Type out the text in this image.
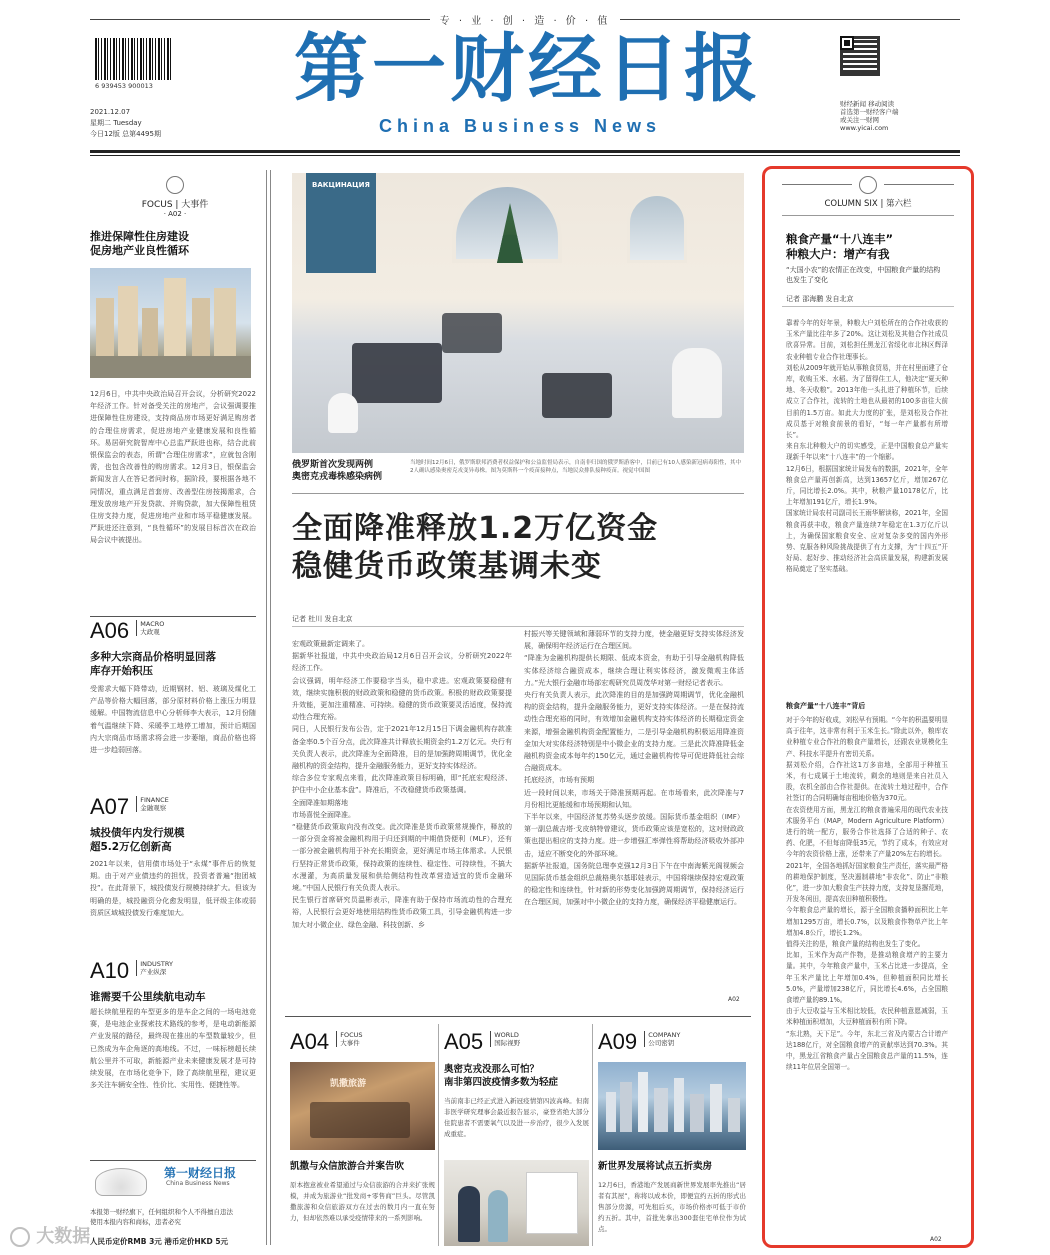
专 · 业 · 创 · 造 · 价 · 值
6 939453 900013	第一财经日报
China Business News
2021.12.07
星期二 Tuesday
今日12版 总第4495期
财经新闻 移动阅读
首选第一财经客户端
或关注一财网
www.yicai.com
FOCUS | 大事件
· A02 ·
推进保障性住房建设
促房地产业良性循环
12月6日，中共中央政治局召开会议，分析研究2022年经济工作。针对备受关注的房地产，会议强调要推进保障性住房建设，支持商品房市场更好满足购房者的合理住房需求，促进房地产业健康发展和良性循环。易居研究院智库中心总监严跃进也称，结合此前银保监会的表态，所谓“合理住房需求”，应就包含刚需，也包含改善性的购房需求。12月3日，银保监会新闻发言人在答记者问时称，据阶段，要根据各地不同情况，重点满足首套房、改善型住房按揭需求，合理发放房地产开发贷款、并购贷款，加大保障性租赁住房支持力度，促进房地产业和市场平稳健康发展。严跃进还注意到，“良性循环”的发展目标首次在政治局会议中被提出。
A06 MACRO
大政观
多种大宗商品价格明显回落
库存开始积压
受需求大幅下降带动，近期钢材、铝、玻璃及煤化工产品等价格大幅回落，部分原材料价格上涨压力明显缓解。中国物流信息中心分析师李大表示，12月份随着气温继续下降、采暖季工地停工增加，预计后期国内大宗商品市场需求将会进一步萎缩，商品价格也将进一步趋弱回落。
A07 FINANCE
金融观察
城投债年内发行规模
超5.2万亿创新高
2021年以来，信用债市场处于“永煤”事件后的恢复期。由于对产业债违约的担忧，投资者普遍“抱团城投”。在此背景下，城投债发行规模持续扩大。但该为明确的是，城投融资分化愈发明显，低评级主体或弱资质区域城投债发行难度加大。
A10 INDUSTRY
产业纵深
谁需要千公里续航电动车
超长续航里程的车型更多的是车企之间的一场电池竞赛，是电池企业探索技术路线的参考，是电动新能源产业发展的路径，最终现在推出的车型数量较少，但已然成为车企角逐的高地线。不过，一味标榜超长续航公里并不可取，新能源产业未来健康发展才是可持续发展，在市场化竞争下，除了高续航里程，建议更多关注车辆安全性、性价比、实用性、便捷性等。
第一财经日报
China Business News
本报第一财经旗下，任何组织和个人不得擅自违法
使用本报内容和商标，违者必究
人民币定价RMB 3元 港币定价HKD 5元
ВАКЦИНАЦИЯ
俄罗斯首次发现两例
奥密克戎毒株感染病例
当地时间12月6日，俄罗斯联邦消费者权益保护和公益监督局表示，自南非归国的俄罗斯游客中，目前已有10人感染新冠病毒阳性，其中2人确认感染奥密克戎变异毒株。图为莫斯科一个疫苗接种点，当地民众排队接种疫苗。视觉中国图
全面降准释放1.2万亿资金
稳健货币政策基调未变
记者 杜川 发自北京
宏观政策最新定调来了。
据新华社报道，中共中央政治局12月6日召开会议，分析研究2022年经济工作。
会议强调，明年经济工作要稳字当头，稳中求进。宏观政策要稳健有效，继续实施积极的财政政策和稳健的货币政策。积极的财政政策要提升效能，更加注重精准、可持续。稳健的货币政策要灵活适度，保持流动性合理充裕。
同日，人民银行发布公告，定于2021年12月15日下调金融机构存款准备金率0.5个百分点，此次降准共计释放长期资金约1.2万亿元。央行有关负责人表示，此次降准为全面降准，目的是加强跨周期调节，优化金融机构的资金结构，提升金融服务能力，更好支持实体经济。
综合多位专家观点来看，此次降准政策目标明确，即“托底宏观经济、护住中小企业基本盘”。降准后，不改稳健货币政策基调。
全面降准如期落地
市场喜悦全面降准。
“稳健货币政策取向没有改变。此次降准是货币政策常规操作，释放的一部分资金将被金融机构用于归还到期的中期借贷便利（MLF），还有一部分被金融机构用于补充长期资金，更好满足市场主体需求。人民银行坚持正常货币政策，保持政策的连续性、稳定性、可持续性，不搞大水漫灌，为高质量发展和供给侧结构性改革营造适宜的货币金融环境。”中国人民银行有关负责人表示。
民生银行首席研究员温彬表示，降准有助于保持市场流动性的合理充裕，人民银行会更好地使用结构性货币政策工具，引导金融机构进一步加大对小微企业、绿色金融、科技创新、乡
村振兴等关键领域和薄弱环节的支持力度，使金融更好支持实体经济发展，确保明年经济运行在合理区间。
“降准为金融机构提供长期限、低成本资金，有助于引导金融机构降低实体经济综合融资成本，继续合理让利实体经济，激发微观主体活力。”光大银行金融市场部宏观研究员周茂华对第一财经记者表示。
央行有关负责人表示，此次降准的目的是加强跨周期调节，优化金融机构的资金结构，提升金融服务能力，更好支持实体经济。一是在保持流动性合理充裕的同时，有效增加金融机构支持实体经济的长期稳定资金来源，增强金融机构资金配置能力，二是引导金融机构积极运用降准资金加大对实体经济特别是中小微企业的支持力度。三是此次降准降低金融机构资金成本每年约150亿元，通过金融机构传导可促进降低社会综合融资成本。
托底经济，市场有预期
近一段时间以来，市场关于降准预期再起。在市场看来，此次降准与7月份相比更能缓和市场预期和认知。
下半年以来，中国经济复苏势头逐步放缓。国际货币基金组织（IMF）第一副总裁吉塔·戈皮纳特曾建议，货币政策应该是宽松的，这对财政政策也提出相应的支持力度。进一步增强汇率弹性将帮助经济吸收外部冲击，适应不断变化的外部环境。
据新华社报道，国务院总理李克强12月3日下午在中南海紫光阁视频会见国际货币基金组织总裁格奥尔基耶娃表示，中国将继续保持宏观政策的稳定性和连续性，针对新的形势变化加强跨周期调节，保持经济运行在合理区间，加强对中小微企业的支持力度，确保经济平稳健康运行。
A02
A04 FOCUS
大事件
凯撒旅游
凯撒与众信旅游合并案告吹
原本抱意被业希望通过与众信旅游的合并来扩张规模，并成为旅游业“批发商+零售商”巨头。尽管凯撒旅游和众信旅游双方在过去的数月内一直在努力，但却依然难以承受疫情带来的一系列影响。
A05 WORLD
国际视野
奥密克戎没那么可怕？
南非第四波疫情多数为轻症
当前南非已经正式进入新冠疫情第四波高峰。但南非医学研究理事会最近报告显示，豪登省绝大部分住院患者不需要氧气以及进一步治疗，很少入发展成重症。
A09 COMPANY
公司密钥
新世界发展将试点五折卖房
12月6日，香港地产发展商新世界发展率先推出“居者有其屋”，称将以成本价，即便宜约五折的形式出售部分房源，可先租后买，市场价格亦可低于市价约五折。其中，首批先拿出300套住宅单位作为试点。
COLUMN SIX | 第六栏
粮食产量“十八连丰”
种粮大户：增产有我
“大国小农”的农情正在改变，中国粮食产量的结构也发生了变化
记者 邵海鹏 发自北京
靠着今年的好年景，种粮大户刘松所在的合作社收获的玉米产量比往年多了20%。这让刘松及其他合作社成员欣喜异常。目前，刘松担任黑龙江省绥化市北林区辉泽农业种植专业合作社理事长。
刘松从2009年就开始从事粮食贸易，并在村里面建了仓库，收购玉米、水稻。为了留得住工人，他决定“夏天种地、冬天收粮”。2013年他一头扎进了种植环节，后续成立了合作社，流转的土地也从最初的100多亩往大前目前的1.5万亩。如此大力度的扩张，是刘松及合作社成员基于对粮食前景的看好，“每一年产量都有所增长”。
来自东北种粮大户的切实感受，正是中国粮食总产量实现新千年以来“十八连丰”的一个缩影。
12月6日，根据国家统计局发布的数据，2021年，全年粮食总产量再创新高，达到13657亿斤，增加267亿斤，同比增长2.0%。其中，秋粮产量10178亿斤，比上年增加191亿斤，增长1.9%。
国家统计局农村司副司长王雨华解读称，2021年，全国粮食再获丰收，粮食产量连续7年稳定在1.3万亿斤以上，为确保国家粮食安全、应对复杂多变的国内外形势、克服各种风险挑战提供了有力支撑，为“十四五”开好局、起好步、推动经济社会高质量发展，构建新发展格局奠定了坚实基础。
粮食产量“十八连丰”背后
对于今年的好收成，刘松早有预期。“今年的积温要明显高于往年，这非常有利于玉米生长。”除此以外，粮库农业种植专业合作社的粮食产量增长，还跟农业规模化生产、科技水平提升有密切关系。
据刘松介绍，合作社这1万多亩地，全部用于种植玉米，有七成属于土地流转，剩余的地则是来自社员入股，农机全部由合作社提供。在流转土地过程中，合作社签订的合同明确每亩租地价格为370元。
在农资使用方面，黑龙江的粮食普遍采用的现代农业技术服务平台（MAP，Modern Agriculture Platform）进行的统一配方，服务合作社选择了合适的种子、农药、化肥，不但每亩降低35元，节约了成本，有效应对今年的农资价格上涨，还带来了产量20%左右的增长。
2021年，全国各地抓好国家粮食生产责任，落实最严格的耕地保护制度，坚决遏制耕地“非农化”、防止“非粮化”，进一步加大粮食生产扶持力度，支持复垦撂荒地，开发冬闲田，提高农田种植积极性。
今年粮食总产量的增长，源于全国粮食播种面积比上年增加1295万亩，增长0.7%，以及粮食作物单产比上年增加4.8公斤，增长1.2%。
值得关注的是，粮食产量的结构也发生了变化。
比如，玉米作为高产作物，是推动粮食增产的主要力量。其中，今年粮食产量中，玉米占比进一步提高，全年玉米产量比上年增加0.4%，但种植面积同比增长5.0%，产量增加238亿斤，同比增长4.6%，占全国粮食增产量的89.1%。
由于大豆收益与玉米相比较低，农民种植意愿减弱，玉米种植面积增加，大豆种植面积有所下降。
“东北熟，天下足”。今年，东北三省及内蒙古合计增产达188亿斤，对全国粮食增产的贡献率达到70.3%。其中，黑龙江省粮食产量占全国粮食总产量的11.5%，连续11年位居全国第一。
A02
大数据
